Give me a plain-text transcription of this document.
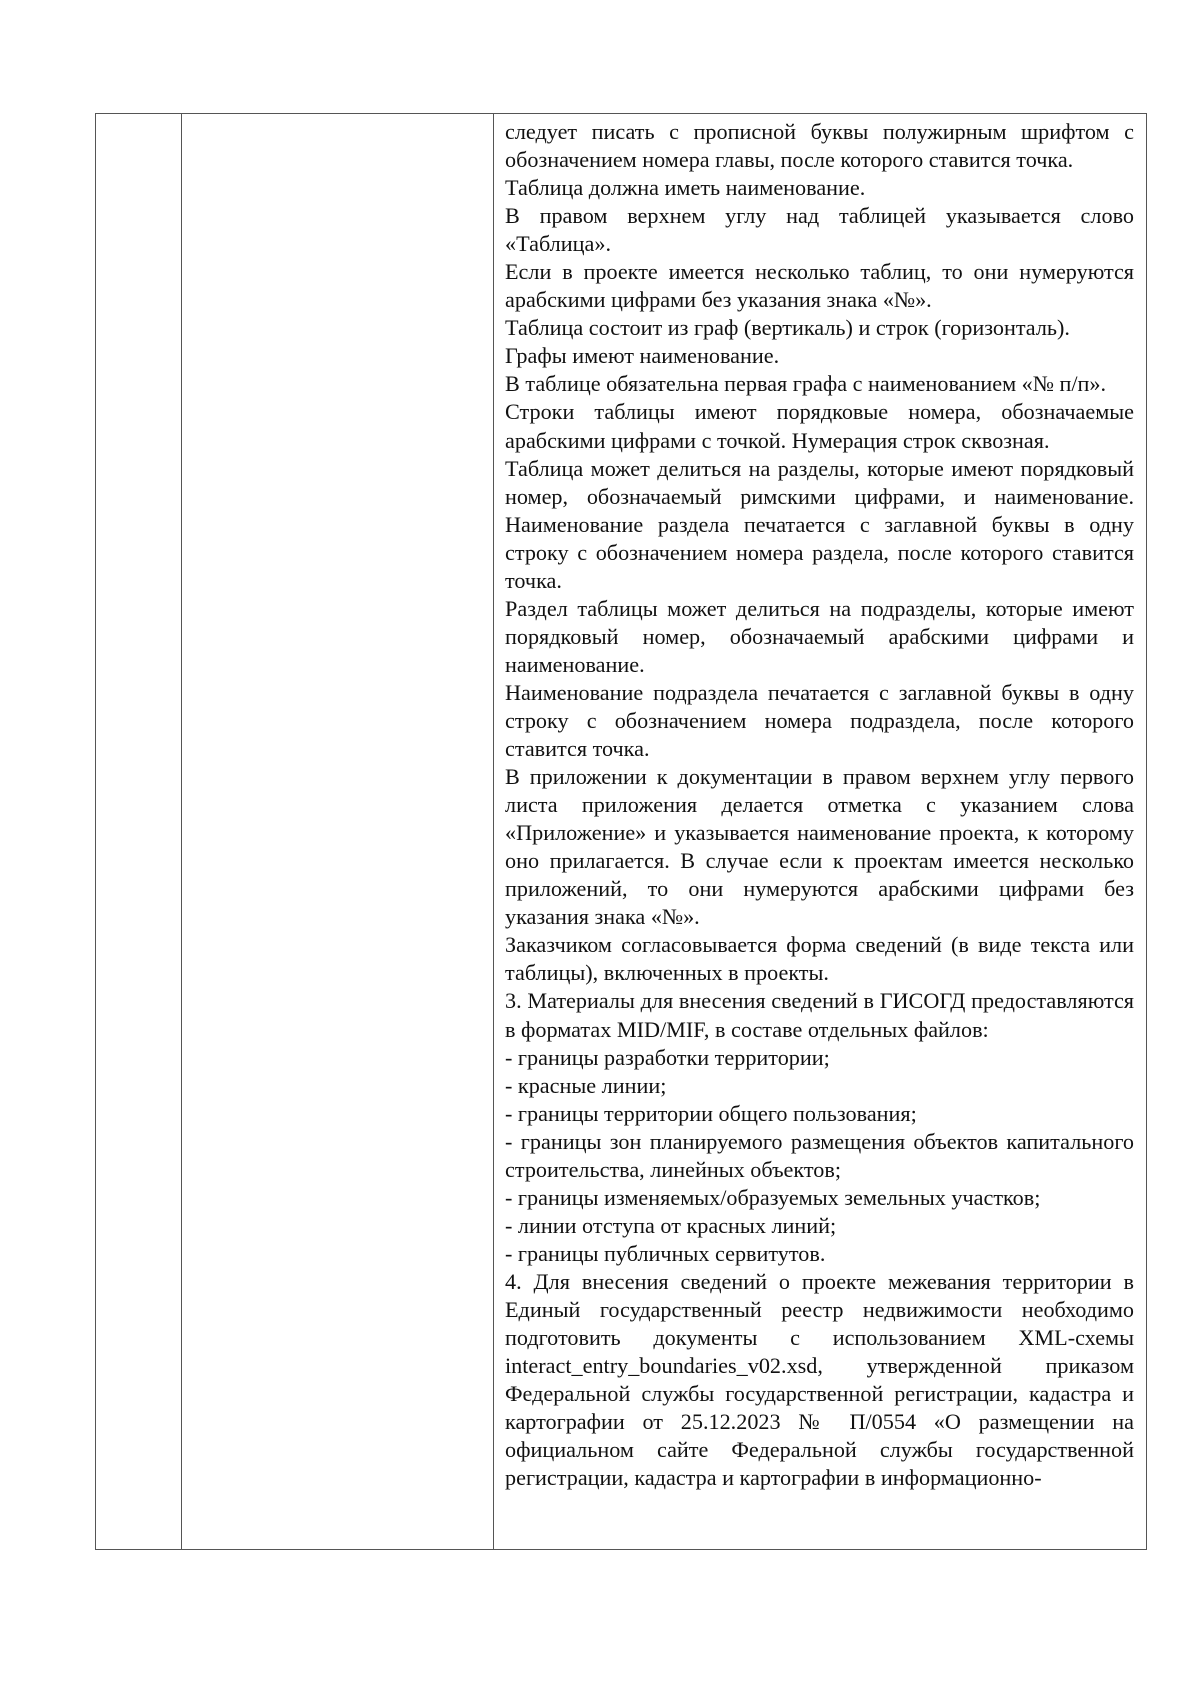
следует писать с прописной буквы полужирным шрифтом с обозначением номера главы, после которого ставится точка.

Таблица должна иметь наименование.

В правом верхнем углу над таблицей указывается слово «Таблица».

Если в проекте имеется несколько таблиц, то они нумеруются арабскими цифрами без указания знака «№».

Таблица состоит из граф (вертикаль) и строк (горизонталь).

Графы имеют наименование.

В таблице обязательна первая графа с наименованием «№ п/п».

Строки таблицы имеют порядковые номера, обозначаемые арабскими цифрами с точкой. Нумерация строк сквозная.

Таблица может делиться на разделы, которые имеют порядковый номер, обозначаемый римскими цифрами, и наименование. Наименование раздела печатается с заглавной буквы в одну строку с обозначением номера раздела, после которого ставится точка.

Раздел таблицы может делиться на подразделы, которые имеют порядковый номер, обозначаемый арабскими цифрами и наименование.

Наименование подраздела печатается с заглавной буквы в одну строку с обозначением номера подраздела, после которого ставится точка.

В приложении к документации в правом верхнем углу первого листа приложения делается отметка с указанием слова «Приложение» и указывается наименование проекта, к которому оно прилагается. В случае если к проектам имеется несколько приложений, то они нумеруются арабскими цифрами без указания знака «№».

Заказчиком согласовывается форма сведений (в виде текста или таблицы), включенных в проекты.

3. Материалы для внесения сведений в ГИСОГД предоставляются в форматах MID/MIF, в составе отдельных файлов:

- границы разработки территории;

- красные линии;

- границы территории общего пользования;

- границы зон планируемого размещения объектов капитального строительства, линейных объектов;

- границы изменяемых/образуемых земельных участков;

- линии отступа от красных линий;

- границы публичных сервитутов.

4. Для внесения сведений о проекте межевания территории в Единый государственный реестр недвижимости необходимо подготовить документы с использованием XML-схемы interact_entry_boundaries_v02.xsd, утвержденной приказом Федеральной службы государственной регистрации, кадастра и картографии от 25.12.2023 № П/0554 «О размещении на официальном сайте Федеральной службы государственной регистрации, кадастра и картографии в информационно-
